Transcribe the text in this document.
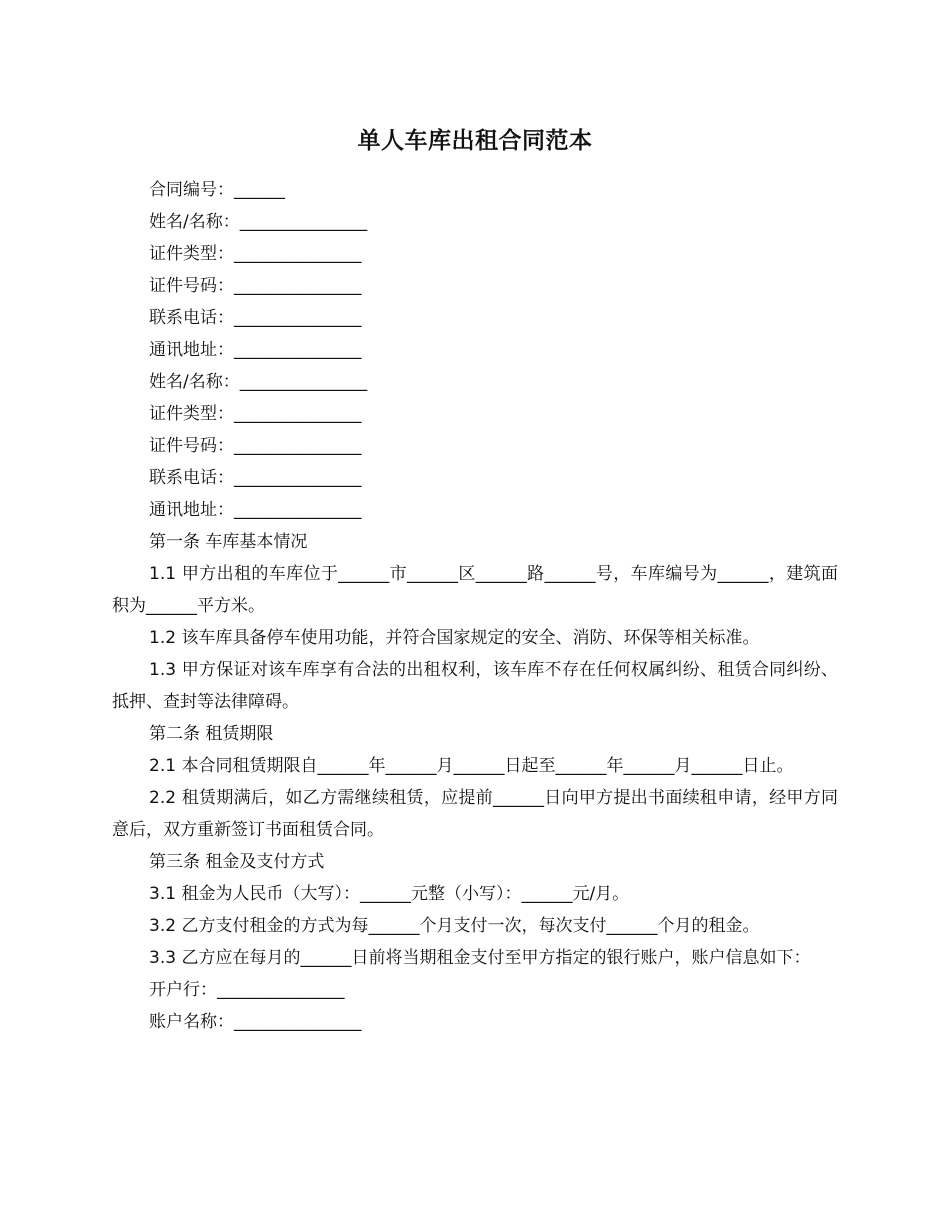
单人车库出租合同范本

合同编号：______

姓名/名称：_______________

证件类型：_______________

证件号码：_______________

联系电话：_______________

通讯地址：_______________

姓名/名称：_______________

证件类型：_______________

证件号码：_______________

联系电话：_______________

通讯地址：_______________

第一条 车库基本情况

1.1 甲方出租的车库位于______市______区______路______号，车库编号为______，建筑面积为______平方米。

1.2 该车库具备停车使用功能，并符合国家规定的安全、消防、环保等相关标准。

1.3 甲方保证对该车库享有合法的出租权利，该车库不存在任何权属纠纷、租赁合同纠纷、抵押、查封等法律障碍。

第二条 租赁期限

2.1 本合同租赁期限自______年______月______日起至______年______月______日止。

2.2 租赁期满后，如乙方需继续租赁，应提前______日向甲方提出书面续租申请，经甲方同意后，双方重新签订书面租赁合同。

第三条 租金及支付方式

3.1 租金为人民币（大写）：______元整（小写）：______元/月。

3.2 乙方支付租金的方式为每______个月支付一次，每次支付______个月的租金。

3.3 乙方应在每月的______日前将当期租金支付至甲方指定的银行账户，账户信息如下：

开户行：_______________

账户名称：_______________
